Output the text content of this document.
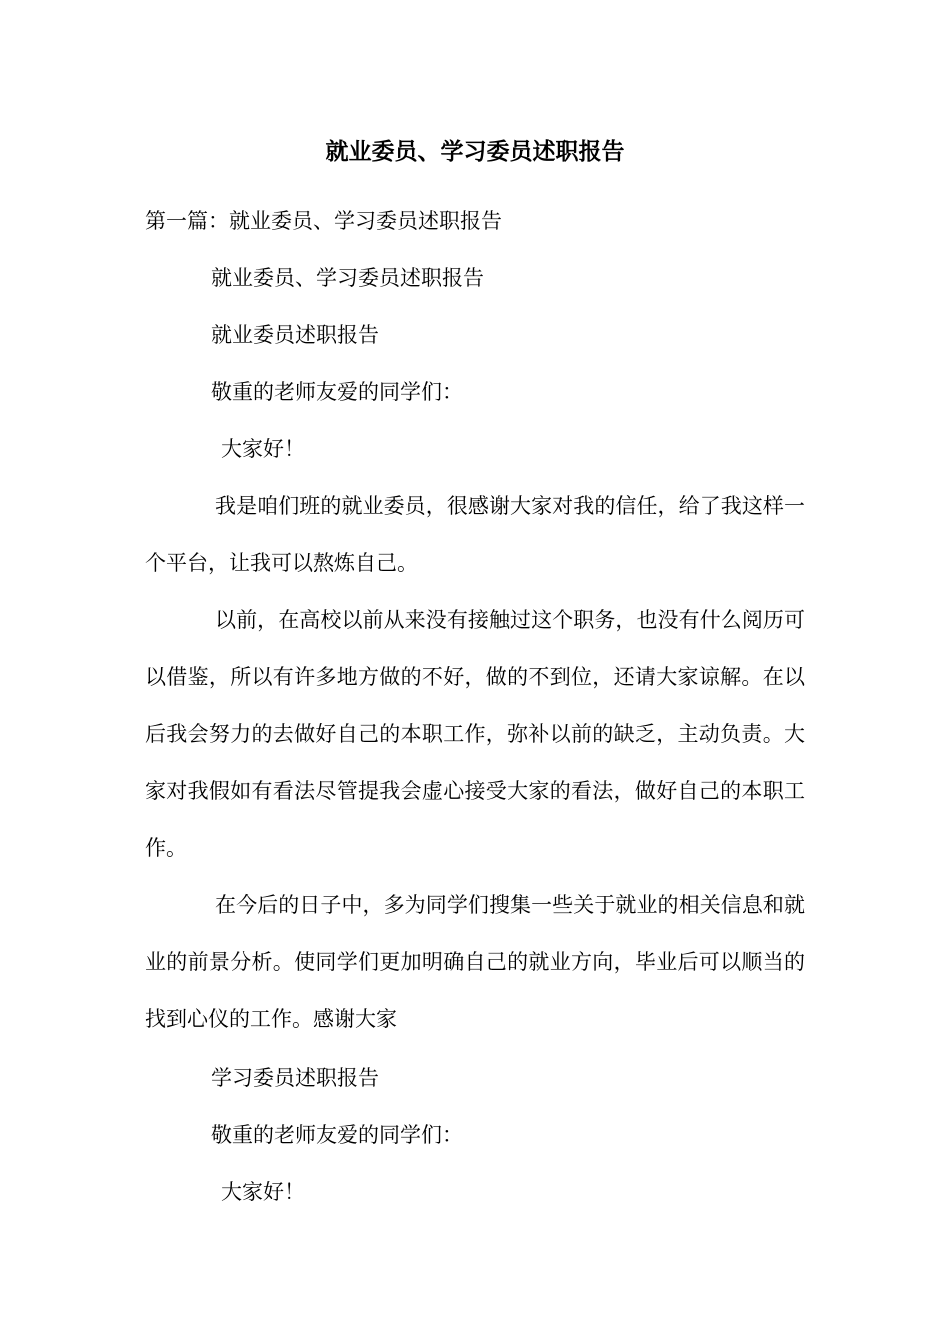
就业委员、学习委员述职报告
第一篇：就业委员、学习委员述职报告
就业委员、学习委员述职报告
就业委员述职报告
敬重的老师友爱的同学们：
大家好！
我是咱们班的就业委员，很感谢大家对我的信任，给了我这样一个平台，让我可以熬炼自己。
以前，在高校以前从来没有接触过这个职务，也没有什么阅历可以借鉴，所以有许多地方做的不好，做的不到位，还请大家谅解。在以后我会努力的去做好自己的本职工作，弥补以前的缺乏，主动负责。大家对我假如有看法尽管提我会虚心接受大家的看法，做好自己的本职工作。
在今后的日子中，多为同学们搜集一些关于就业的相关信息和就业的前景分析。使同学们更加明确自己的就业方向，毕业后可以顺当的找到心仪的工作。感谢大家
学习委员述职报告
敬重的老师友爱的同学们：
大家好！
